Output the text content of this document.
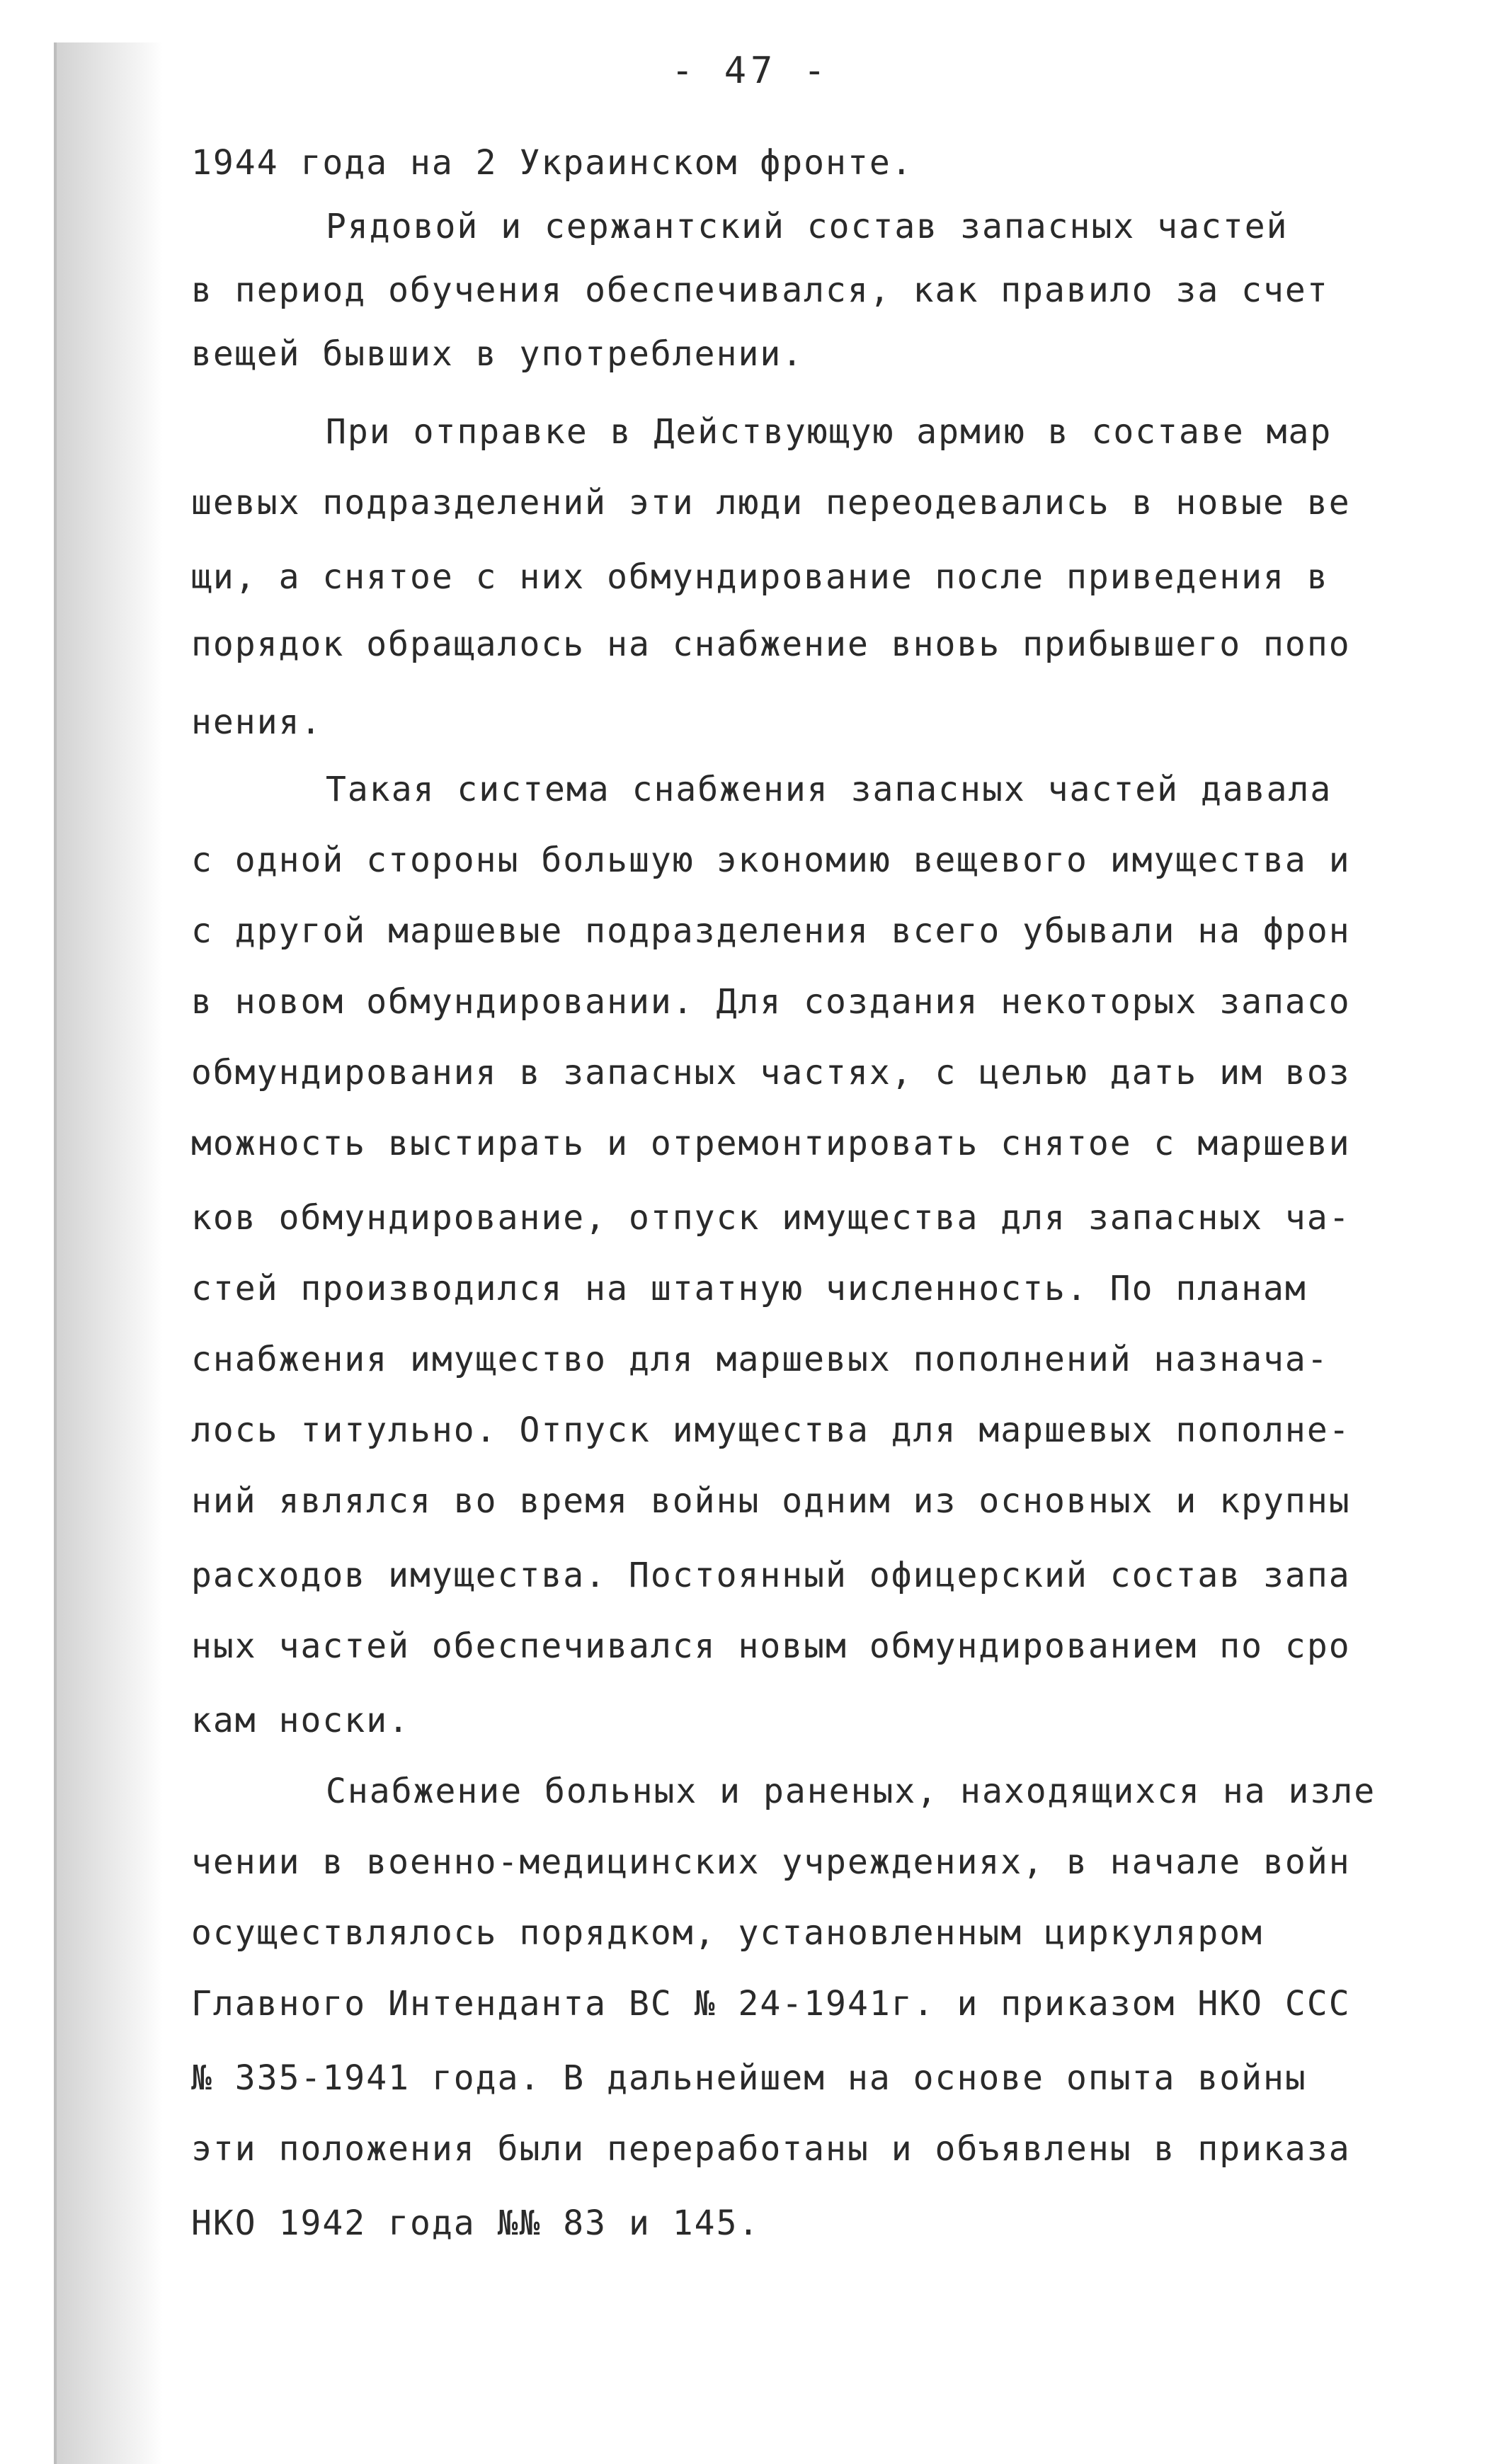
- 47 -
1944 года на 2 Украинском фронте.
Рядовой и сержантский состав запасных частей
в период обучения обеспечивался, как правило за счет
вещей бывших в употреблении.
При отправке в Действующую армию в составе мар
шевых подразделений эти люди переодевались в новые ве
щи, а снятое с них обмундирование после приведения в
порядок обращалось на снабжение вновь прибывшего попо
нения.
Такая система снабжения запасных частей давала
с одной стороны большую экономию вещевого имущества и
с другой маршевые подразделения всего убывали на фрон
в новом обмундировании. Для создания некоторых запасо
обмундирования в запасных частях, с целью дать им воз
можность выстирать и отремонтировать снятое с маршеви
ков обмундирование, отпуск имущества для запасных ча-
стей производился на штатную численность. По планам
снабжения имущество для маршевых пополнений назнача-
лось титульно. Отпуск имущества для маршевых пополне-
ний являлся во время войны одним из основных и крупны
расходов имущества. Постоянный офицерский состав запа
ных частей обеспечивался новым обмундированием по сро
кам носки.
Снабжение больных и раненых, находящихся на изле
чении в военно-медицинских учреждениях, в начале войн
осуществлялось порядком, установленным циркуляром
Главного Интенданта ВС № 24-1941г. и приказом НКО ССС
№ 335-1941 года. В дальнейшем на основе опыта войны
эти положения были переработаны и объявлены в приказа
НКО 1942 года №№ 83 и 145.
